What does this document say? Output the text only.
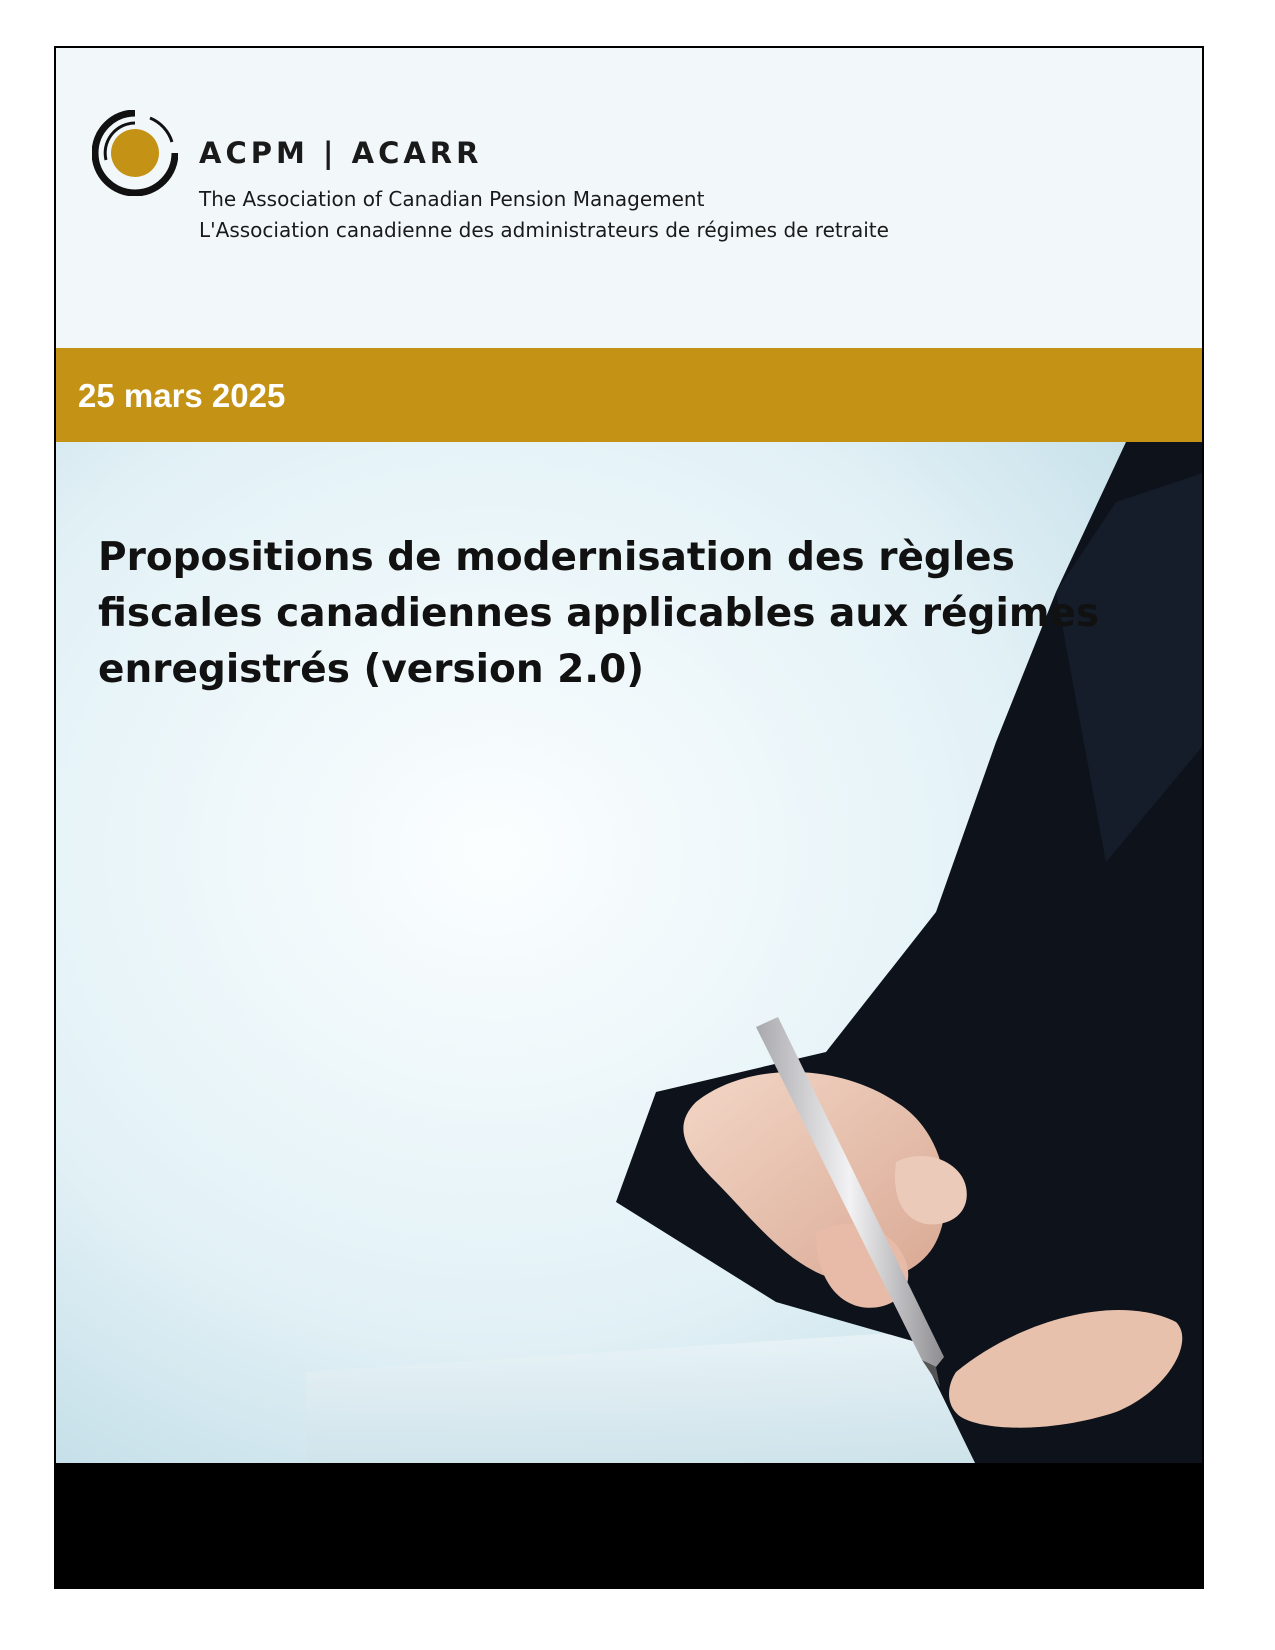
ACPM | ACARR
The Association of Canadian Pension Management
L'Association canadienne des administrateurs de régimes de retraite
25 mars 2025
Propositions de modernisation des règles fiscales canadiennes applicables aux régimes enregistrés (version 2.0)
